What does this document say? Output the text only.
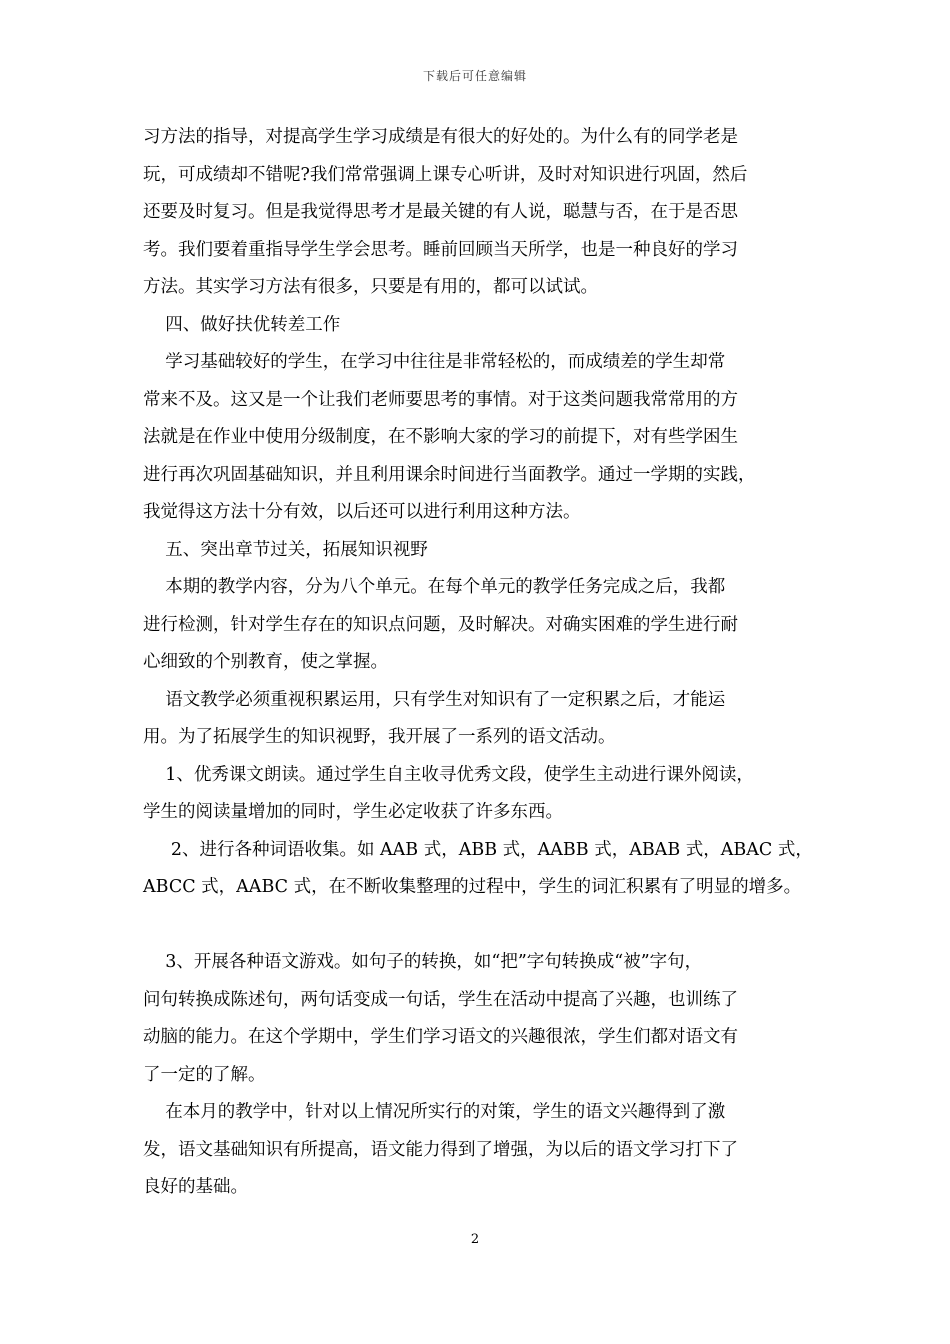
下载后可任意编辑
习方法的指导，对提高学生学习成绩是有很大的好处的。为什么有的同学老是
玩，可成绩却不错呢?我们常常强调上课专心听讲，及时对知识进行巩固，然后
还要及时复习。但是我觉得思考才是最关键的有人说，聪慧与否，在于是否思
考。我们要着重指导学生学会思考。睡前回顾当天所学，也是一种良好的学习
方法。其实学习方法有很多，只要是有用的，都可以试试。
四、做好扶优转差工作
学习基础较好的学生，在学习中往往是非常轻松的，而成绩差的学生却常
常来不及。这又是一个让我们老师要思考的事情。对于这类问题我常常用的方
法就是在作业中使用分级制度，在不影响大家的学习的前提下，对有些学困生
进行再次巩固基础知识，并且利用课余时间进行当面教学。通过一学期的实践，
我觉得这方法十分有效，以后还可以进行利用这种方法。
五、突出章节过关，拓展知识视野
本期的教学内容，分为八个单元。在每个单元的教学任务完成之后，我都
进行检测，针对学生存在的知识点问题，及时解决。对确实困难的学生进行耐
心细致的个别教育，使之掌握。
语文教学必须重视积累运用，只有学生对知识有了一定积累之后，才能运
用。为了拓展学生的知识视野，我开展了一系列的语文活动。
1、优秀课文朗读。通过学生自主收寻优秀文段，使学生主动进行课外阅读，
学生的阅读量增加的同时，学生必定收获了许多东西。
2、进行各种词语收集。如 AAB 式，ABB 式，AABB 式，ABAB 式，ABAC 式，
ABCC 式，AABC 式，在不断收集整理的过程中，学生的词汇积累有了明显的增多。
3、开展各种语文游戏。如句子的转换，如“把”字句转换成“被”字句，
问句转换成陈述句，两句话变成一句话，学生在活动中提高了兴趣，也训练了
动脑的能力。在这个学期中，学生们学习语文的兴趣很浓，学生们都对语文有
了一定的了解。
在本月的教学中，针对以上情况所实行的对策，学生的语文兴趣得到了激
发，语文基础知识有所提高，语文能力得到了增强，为以后的语文学习打下了
良好的基础。
2
